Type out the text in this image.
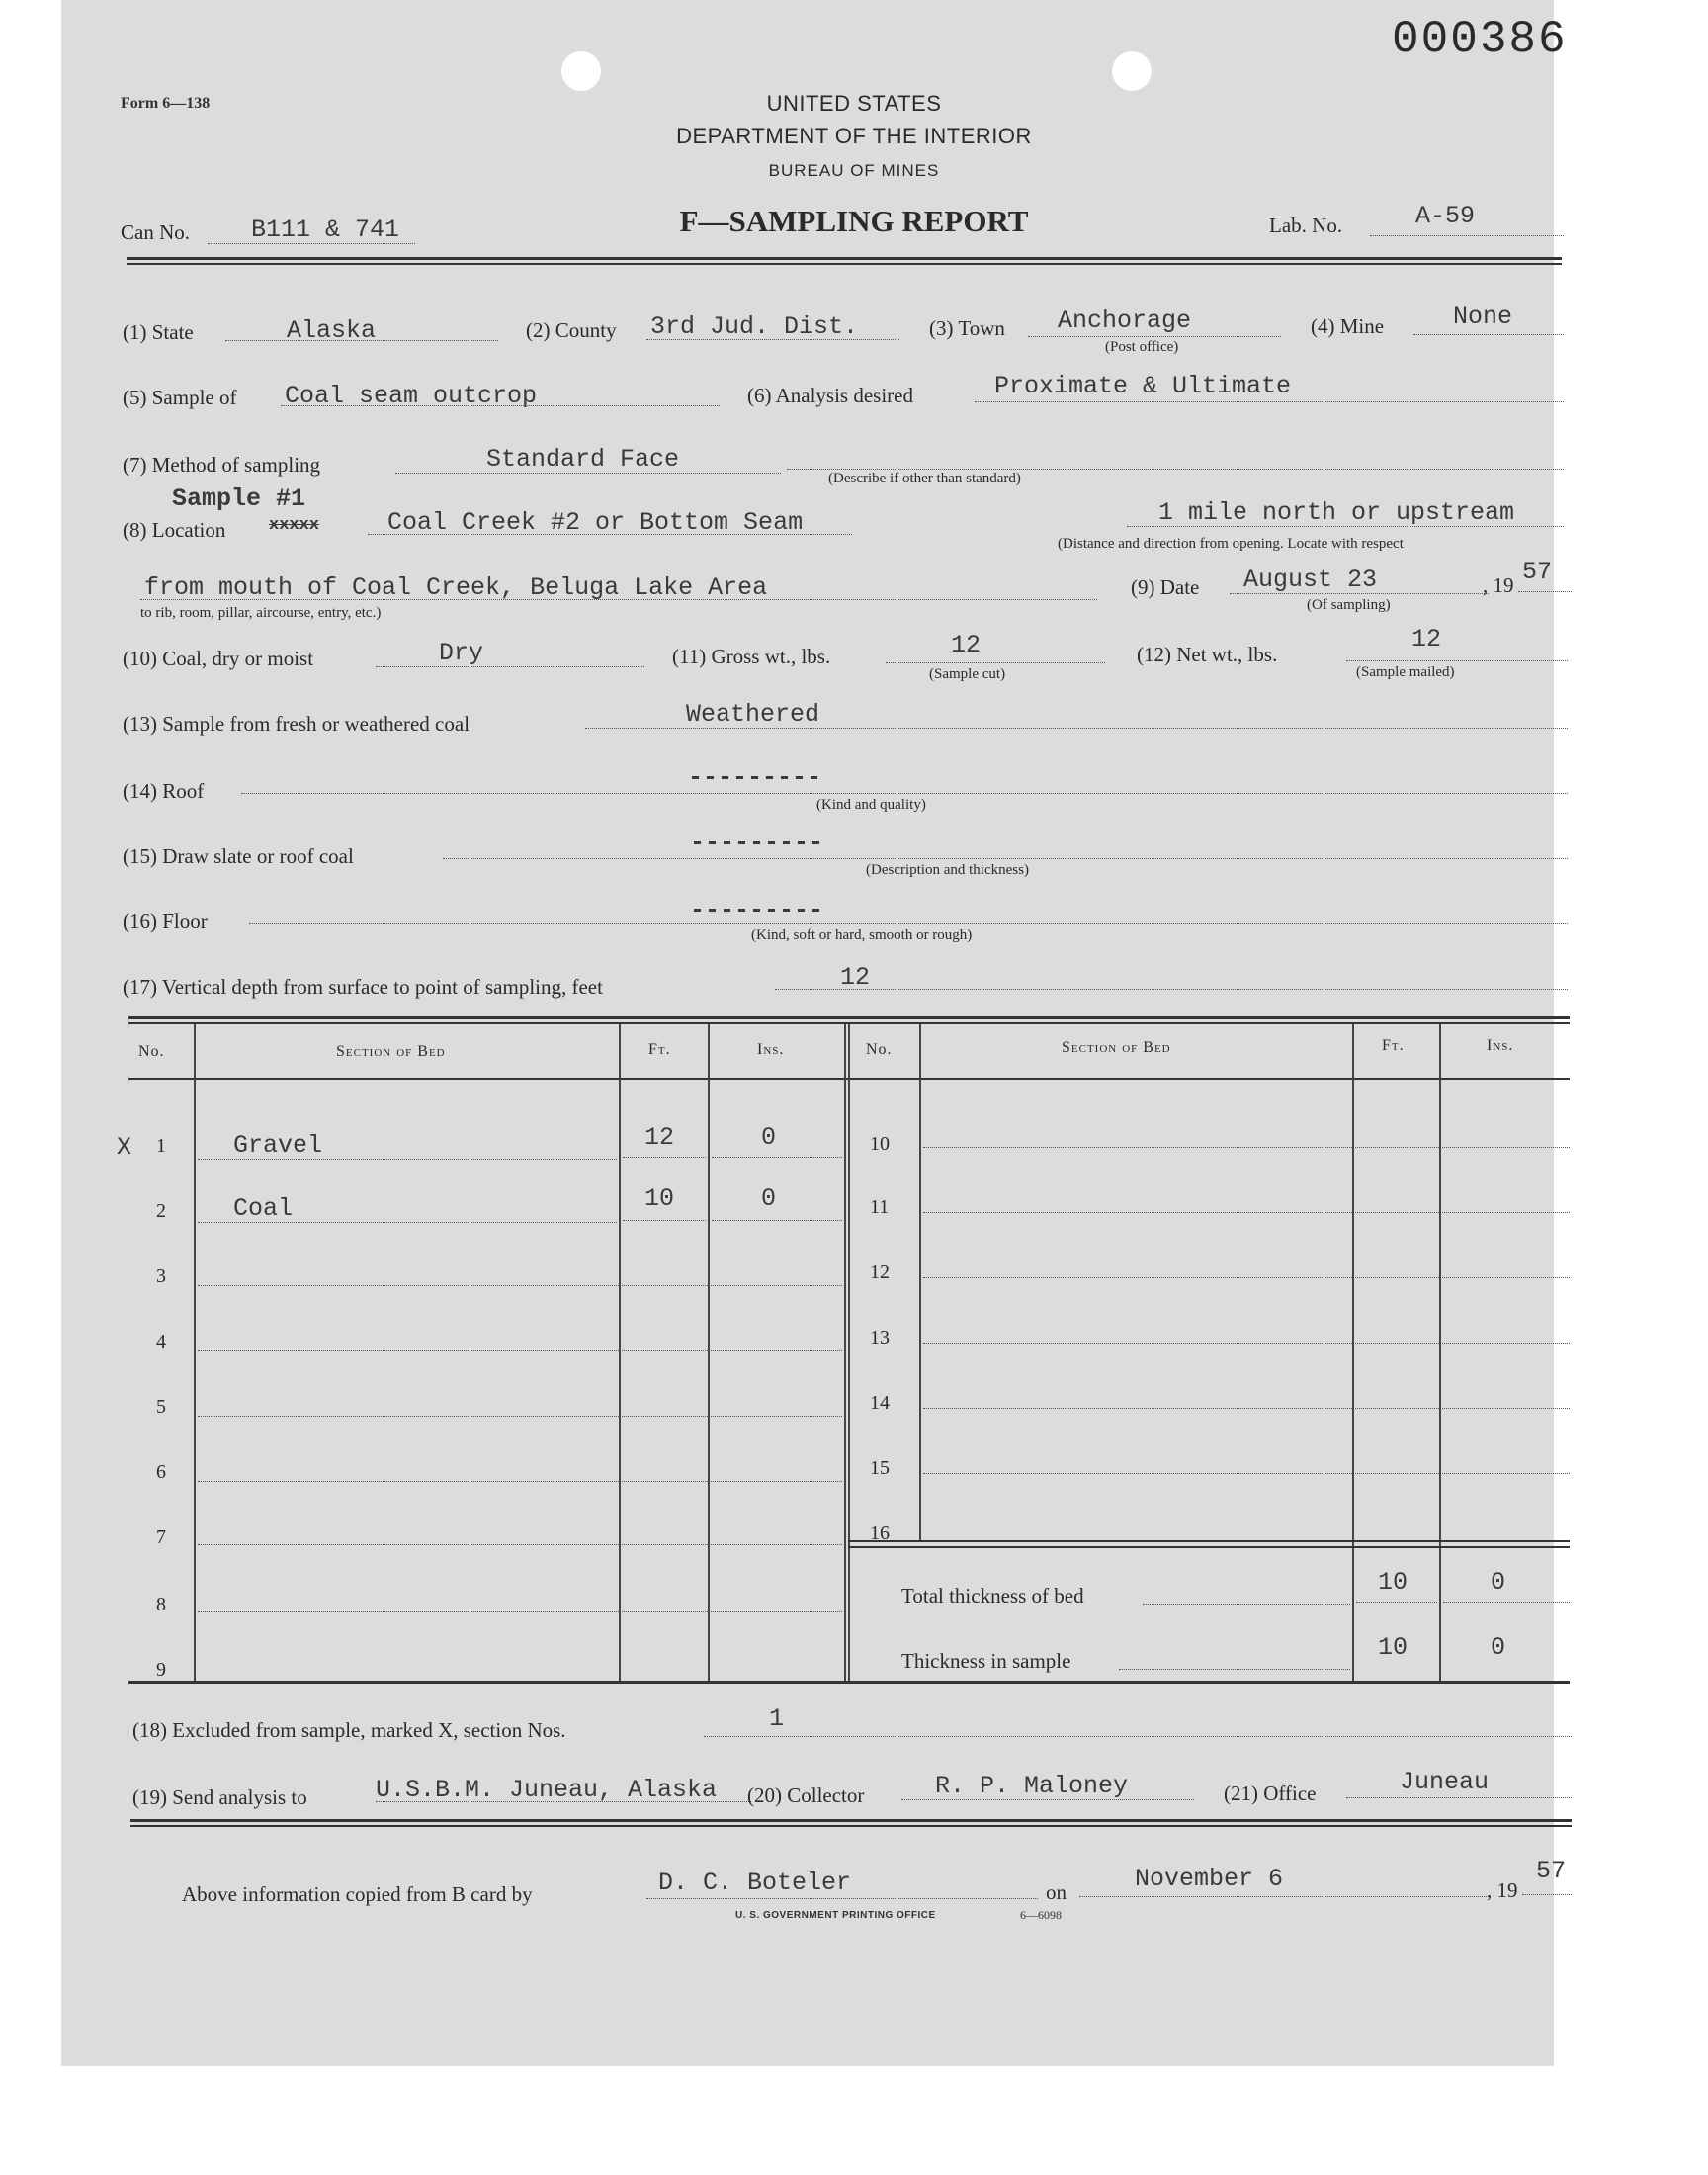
000386
Form 6—138	UNITED STATES
DEPARTMENT OF THE INTERIOR
BUREAU OF MINES
F—SAMPLING REPORT
Can No. B111 & 741	Lab. No.	A-59
(1) State	Alaska	(2) County 3rd Jud. Dist.	(3) Town Anchorage
(Post office)
(4) Mine	None
(5) Sample of Coal seam outcrop	(6) Analysis desired	Proximate & Ultimate
(7) Method of sampling	Standard Face
(Describe if other than standard)
Sample #1
(8) Location	xxxxx	Coal Creek #2 or Bottom Seam	1 mile north or upstream
(Distance and direction from opening. Locate with respect
from mouth of Coal Creek, Beluga Lake Area
to rib, room, pillar, aircourse, entry, etc.)
(9) Date August 23	, 19 57
(Of sampling)
(10) Coal, dry or moist	Dry	(11) Gross wt., lbs.	12
(Sample cut)
(12) Net wt., lbs.
12
(Sample mailed)
(13) Sample from fresh or weathered coal	Weathered
(14) Roof	---------
(Kind and quality)
(15) Draw slate or roof coal	---------
(Description and thickness)
(16) Floor	---------
(Kind, soft or hard, smooth or rough)
(17) Vertical depth from surface to point of sampling, feet	12
No.	Section of Bed	Ft.	Ins.	No.	Section of Bed	Ft.	Ins.
X 1	Gravel	12	0
2	Coal	10	0
3
4
5
6
7
8
9
10
11
12
13
14
15
16
Total thickness of bed	10	0
Thickness in sample	10	0
(18) Excluded from sample, marked X, section Nos.	1
(19) Send analysis to	U.S.B.M. Juneau, Alaska (20) Collector	R. P. Maloney	(21) Office	Juneau
Above information copied from B card by	D. C. Boteler	on	November 6	, 19
57
U. S. GOVERNMENT PRINTING OFFICE	6—6098
